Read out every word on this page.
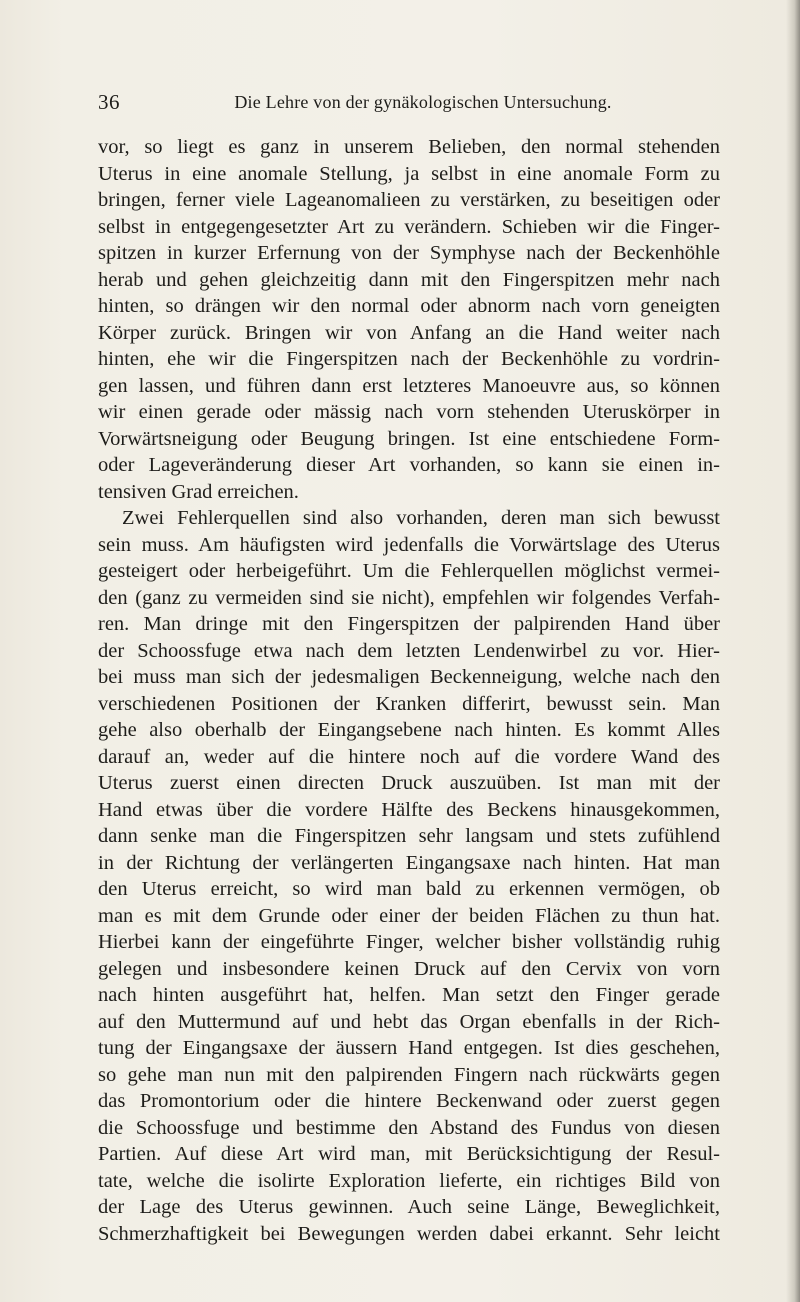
36	Die Lehre von der gynäkologischen Untersuchung.

vor, so liegt es ganz in unserem Belieben, den normal stehenden

Uterus in eine anomale Stellung, ja selbst in eine anomale Form zu

bringen, ferner viele Lageanomalieen zu verstärken, zu beseitigen oder

selbst in entgegengesetzter Art zu verändern. Schieben wir die Finger-

spitzen in kurzer Erfernung von der Symphyse nach der Beckenhöhle

herab und gehen gleichzeitig dann mit den Fingerspitzen mehr nach

hinten, so drängen wir den normal oder abnorm nach vorn geneigten

Körper zurück. Bringen wir von Anfang an die Hand weiter nach

hinten, ehe wir die Fingerspitzen nach der Beckenhöhle zu vordrin-

gen lassen, und führen dann erst letzteres Manoeuvre aus, so können

wir einen gerade oder mässig nach vorn stehenden Uteruskörper in

Vorwärtsneigung oder Beugung bringen. Ist eine entschiedene Form-

oder Lageveränderung dieser Art vorhanden, so kann sie einen in-

tensiven Grad erreichen.

Zwei Fehlerquellen sind also vorhanden, deren man sich bewusst

sein muss. Am häufigsten wird jedenfalls die Vorwärtslage des Uterus

gesteigert oder herbeigeführt. Um die Fehlerquellen möglichst vermei-

den (ganz zu vermeiden sind sie nicht), empfehlen wir folgendes Verfah-

ren. Man dringe mit den Fingerspitzen der palpirenden Hand über

der Schoossfuge etwa nach dem letzten Lendenwirbel zu vor. Hier-

bei muss man sich der jedesmaligen Beckenneigung, welche nach den

verschiedenen Positionen der Kranken differirt, bewusst sein. Man

gehe also oberhalb der Eingangsebene nach hinten. Es kommt Alles

darauf an, weder auf die hintere noch auf die vordere Wand des

Uterus zuerst einen directen Druck auszuüben. Ist man mit der

Hand etwas über die vordere Hälfte des Beckens hinausgekommen,

dann senke man die Fingerspitzen sehr langsam und stets zufühlend

in der Richtung der verlängerten Eingangsaxe nach hinten. Hat man

den Uterus erreicht, so wird man bald zu erkennen vermögen, ob

man es mit dem Grunde oder einer der beiden Flächen zu thun hat.

Hierbei kann der eingeführte Finger, welcher bisher vollständig ruhig

gelegen und insbesondere keinen Druck auf den Cervix von vorn

nach hinten ausgeführt hat, helfen. Man setzt den Finger gerade

auf den Muttermund auf und hebt das Organ ebenfalls in der Rich-

tung der Eingangsaxe der äussern Hand entgegen. Ist dies geschehen,

so gehe man nun mit den palpirenden Fingern nach rückwärts gegen

das Promontorium oder die hintere Beckenwand oder zuerst gegen

die Schoossfuge und bestimme den Abstand des Fundus von diesen

Partien. Auf diese Art wird man, mit Berücksichtigung der Resul-

tate, welche die isolirte Exploration lieferte, ein richtiges Bild von

der Lage des Uterus gewinnen. Auch seine Länge, Beweglichkeit,

Schmerzhaftigkeit bei Bewegungen werden dabei erkannt. Sehr leicht
